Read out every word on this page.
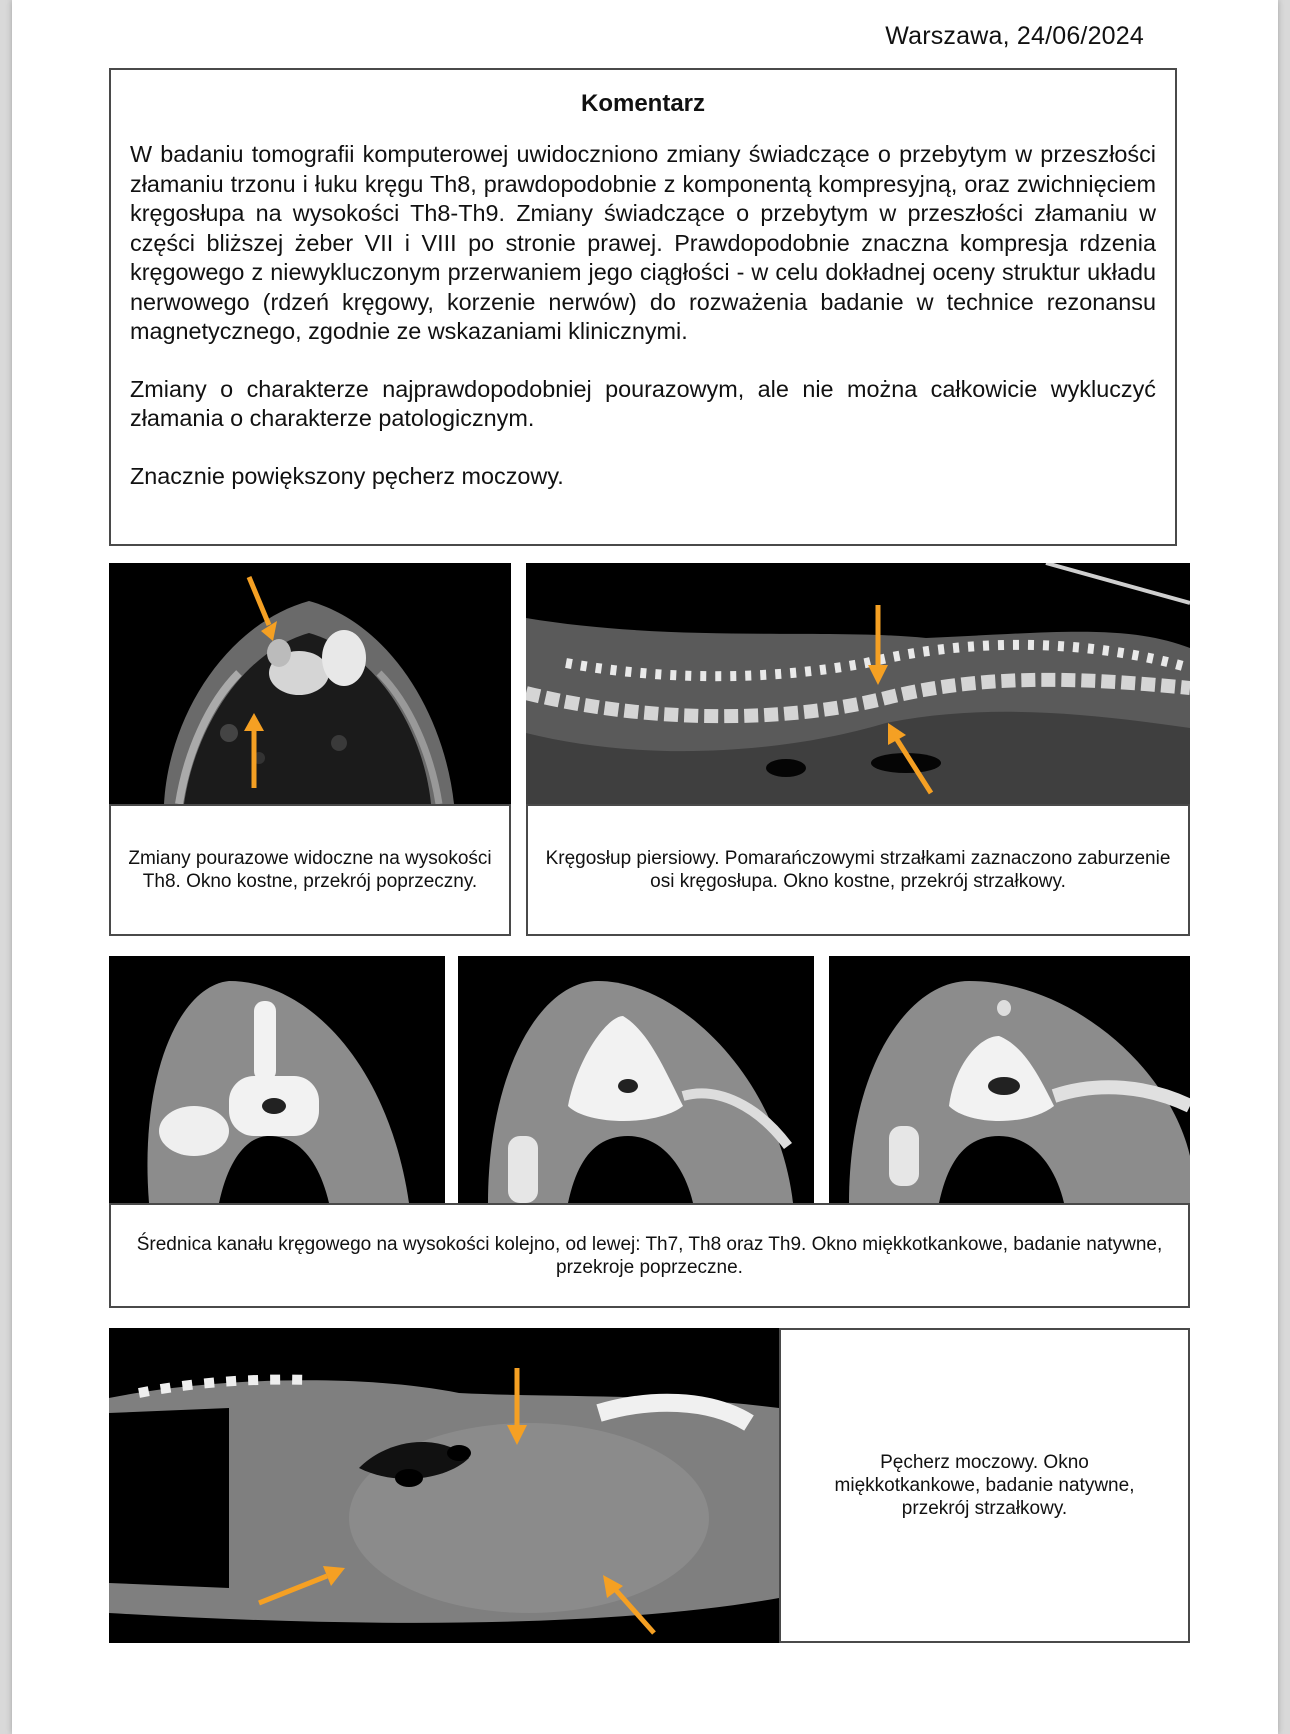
Warszawa, 24/06/2024
Komentarz

W badaniu tomografii komputerowej uwidoczniono zmiany świadczące o przebytym w przeszłości złamaniu trzonu i łuku kręgu Th8, prawdopodobnie z komponentą kompresyjną, oraz zwichnięciem kręgosłupa na wysokości Th8-Th9. Zmiany świadczące o przebytym w przeszłości złamaniu w części bliższej żeber VII i VIII po stronie prawej. Prawdopodobnie znaczna kompresja rdzenia kręgowego z niewykluczonym przerwaniem jego ciągłości - w celu dokładnej oceny struktur układu nerwowego (rdzeń kręgowy, korzenie nerwów) do rozważenia badanie w technice rezonansu magnetycznego, zgodnie ze wskazaniami klinicznymi.

Zmiany o charakterze najprawdopodobniej pourazowym, ale nie można całkowicie wykluczyć złamania o charakterze patologicznym.

Znacznie powiększony pęcherz moczowy.

Zmiany pourazowe widoczne na wysokości Th8. Okno kostne, przekrój poprzeczny.
Kręgosłup piersiowy. Pomarańczowymi strzałkami zaznaczono zaburzenie osi kręgosłupa. Okno kostne, przekrój strzałkowy.
Średnica kanału kręgowego na wysokości kolejno, od lewej: Th7, Th8 oraz Th9. Okno miękkotkankowe, badanie natywne, przekroje poprzeczne.
Pęcherz moczowy. Okno miękkotkankowe, badanie natywne, przekrój strzałkowy.
